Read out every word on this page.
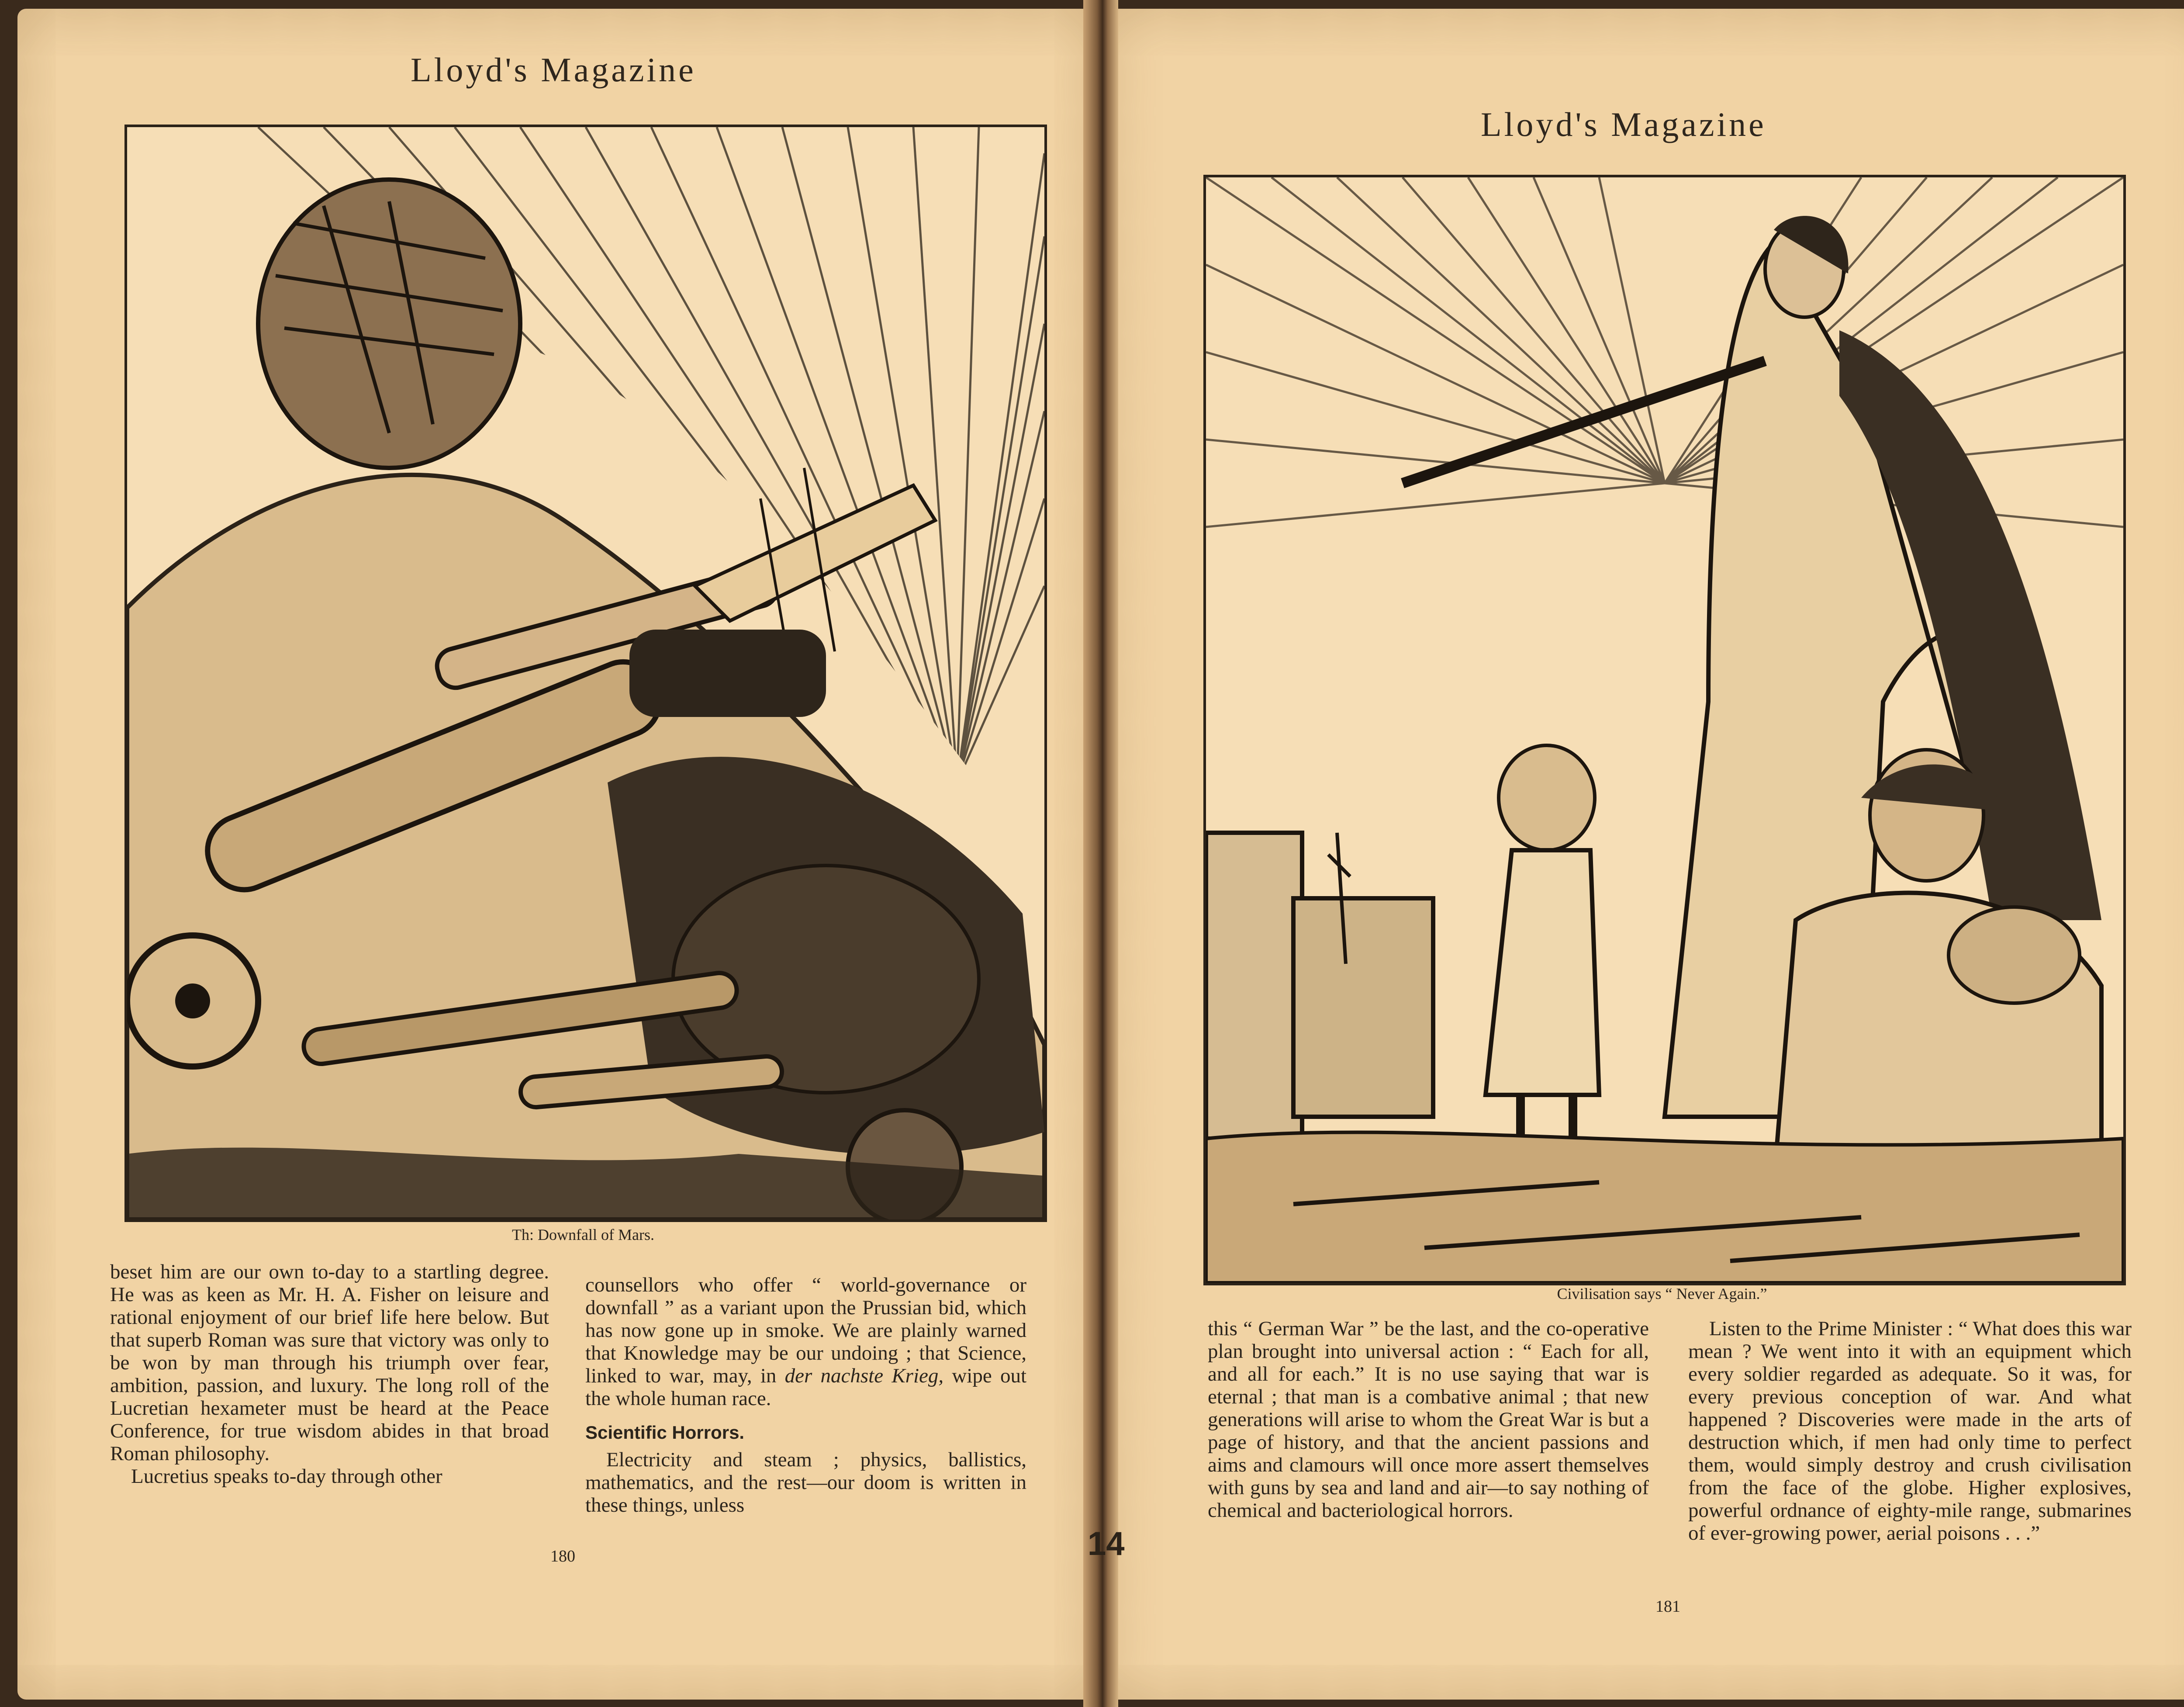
Lloyd's Magazine
Th: Downfall of Mars.

beset him are our own to-day to a startling degree. He was as keen as Mr. H. A. Fisher on leisure and rational enjoyment of our brief life here below. But that superb Roman was sure that victory was only to be won by man through his triumph over fear, ambition, passion, and luxury. The long roll of the Lucretian hexameter must be heard at the Peace Conference, for true wisdom abides in that broad Roman philosophy.

Lucretius speaks to-day through other

counsellors who offer “ world-governance or downfall ” as a variant upon the Prussian bid, which has now gone up in smoke. We are plainly warned that Knowledge may be our undoing ; that Science, linked to war, may, in der nachste Krieg, wipe out the whole human race.

Scientific Horrors.

Electricity and steam ; physics, ballistics, mathematics, and the rest—our doom is written in these things, unless

180
Lloyd's Magazine
Civilisation says “ Never Again.”

this “ German War ” be the last, and the co-operative plan brought into universal action : “ Each for all, and all for each.” It is no use saying that war is eternal ; that man is a combative animal ; that new generations will arise to whom the Great War is but a page of history, and that the ancient passions and aims and clamours will once more assert themselves with guns by sea and land and air—to say nothing of chemical and bacteriological horrors.

Listen to the Prime Minister : “ What does this war mean ? We went into it with an equipment which every soldier regarded as adequate. So it was, for every previous conception of war. And what happened ? Discoveries were made in the arts of destruction which, if men had only time to perfect them, would simply destroy and crush civilisation from the face of the globe. Higher explosives, powerful ordnance of eighty-mile range, submarines of ever-growing power, aerial poisons . . .”

181
14
